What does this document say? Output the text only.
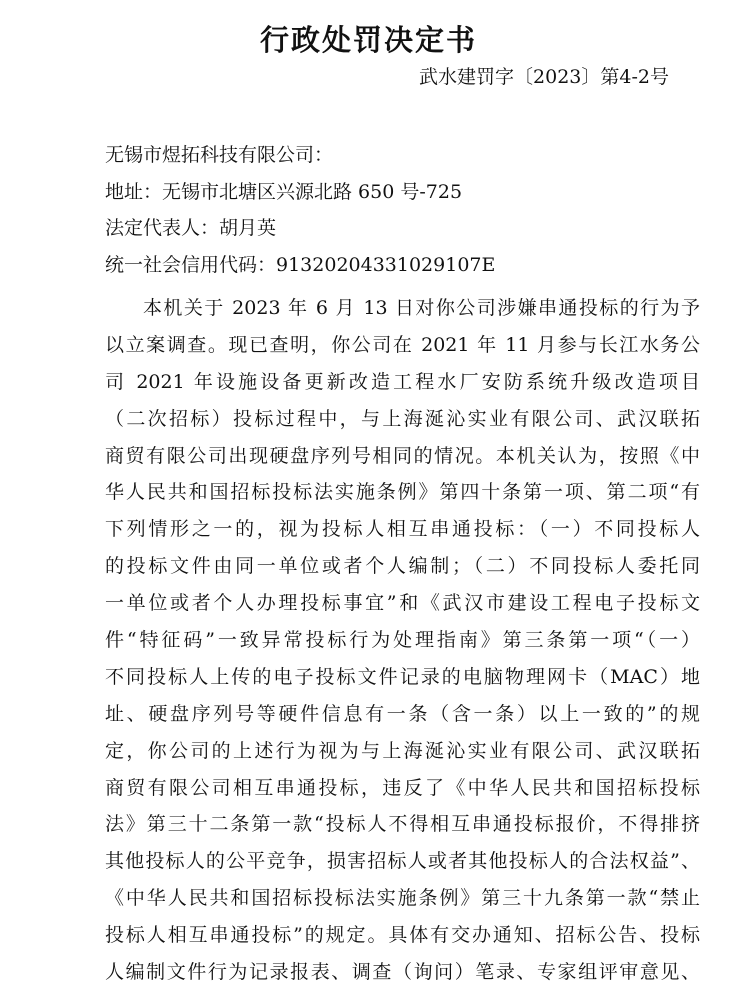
行政处罚决定书
武水建罚字〔2023〕第4-2号
无锡市煜拓科技有限公司：
地址：无锡市北塘区兴源北路 650 号-725
法定代表人：胡月英
统一社会信用代码：91320204331029107E
本机关于 2023 年 6 月 13 日对你公司涉嫌串通投标的行为予
以立案调查。现已查明，你公司在 2021 年 11 月参与长江水务公
司 2021 年设施设备更新改造工程水厂安防系统升级改造项目
（二次招标）投标过程中，与上海涎沁实业有限公司、武汉联拓
商贸有限公司出现硬盘序列号相同的情况。本机关认为，按照《中
华人民共和国招标投标法实施条例》第四十条第一项、第二项“有
下列情形之一的，视为投标人相互串通投标：（一）不同投标人
的投标文件由同一单位或者个人编制；（二）不同投标人委托同
一单位或者个人办理投标事宜”和《武汉市建设工程电子投标文
件“特征码”一致异常投标行为处理指南》第三条第一项“（一）
不同投标人上传的电子投标文件记录的电脑物理网卡（MAC）地
址、硬盘序列号等硬件信息有一条（含一条）以上一致的”的规
定，你公司的上述行为视为与上海涎沁实业有限公司、武汉联拓
商贸有限公司相互串通投标，违反了《中华人民共和国招标投标
法》第三十二条第一款“投标人不得相互串通投标报价，不得排挤
其他投标人的公平竞争，损害招标人或者其他投标人的合法权益”、
《中华人民共和国招标投标法实施条例》第三十九条第一款“禁止
投标人相互串通投标”的规定。具体有交办通知、招标公告、投标
人编制文件行为记录报表、调查（询问）笔录、专家组评审意见、
